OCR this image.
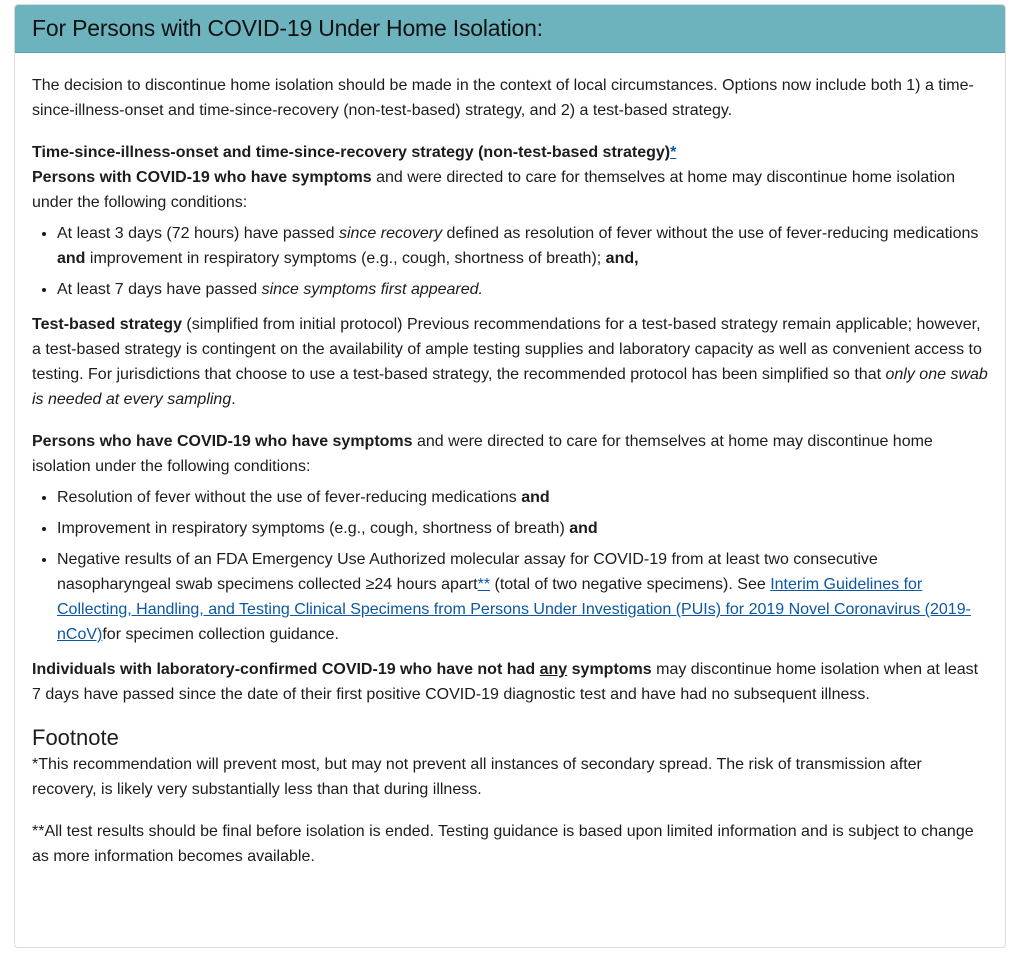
For Persons with COVID-19 Under Home Isolation:

The decision to discontinue home isolation should be made in the context of local circumstances. Options now include both 1) a time-since-illness-onset and time-since-recovery (non-test-based) strategy, and 2) a test-based strategy.

Time-since-illness-onset and time-since-recovery strategy (non-test-based strategy)*

Persons with COVID-19 who have symptoms and were directed to care for themselves at home may discontinue home isolation under the following conditions:

• At least 3 days (72 hours) have passed since recovery defined as resolution of fever without the use of fever-reducing medications and improvement in respiratory symptoms (e.g., cough, shortness of breath); and,
• At least 7 days have passed since symptoms first appeared.

Test-based strategy (simplified from initial protocol) Previous recommendations for a test-based strategy remain applicable; however, a test-based strategy is contingent on the availability of ample testing supplies and laboratory capacity as well as convenient access to testing. For jurisdictions that choose to use a test-based strategy, the recommended protocol has been simplified so that only one swab is needed at every sampling.

Persons who have COVID-19 who have symptoms and were directed to care for themselves at home may discontinue home isolation under the following conditions:

• Resolution of fever without the use of fever-reducing medications and
• Improvement in respiratory symptoms (e.g., cough, shortness of breath) and
• Negative results of an FDA Emergency Use Authorized molecular assay for COVID-19 from at least two consecutive nasopharyngeal swab specimens collected ≥24 hours apart** (total of two negative specimens). See Interim Guidelines for Collecting, Handling, and Testing Clinical Specimens from Persons Under Investigation (PUIs) for 2019 Novel Coronavirus (2019-nCoV)for specimen collection guidance.

Individuals with laboratory-confirmed COVID-19 who have not had any symptoms may discontinue home isolation when at least 7 days have passed since the date of their first positive COVID-19 diagnostic test and have had no subsequent illness.

Footnote

*This recommendation will prevent most, but may not prevent all instances of secondary spread. The risk of transmission after recovery, is likely very substantially less than that during illness.

**All test results should be final before isolation is ended. Testing guidance is based upon limited information and is subject to change as more information becomes available.
